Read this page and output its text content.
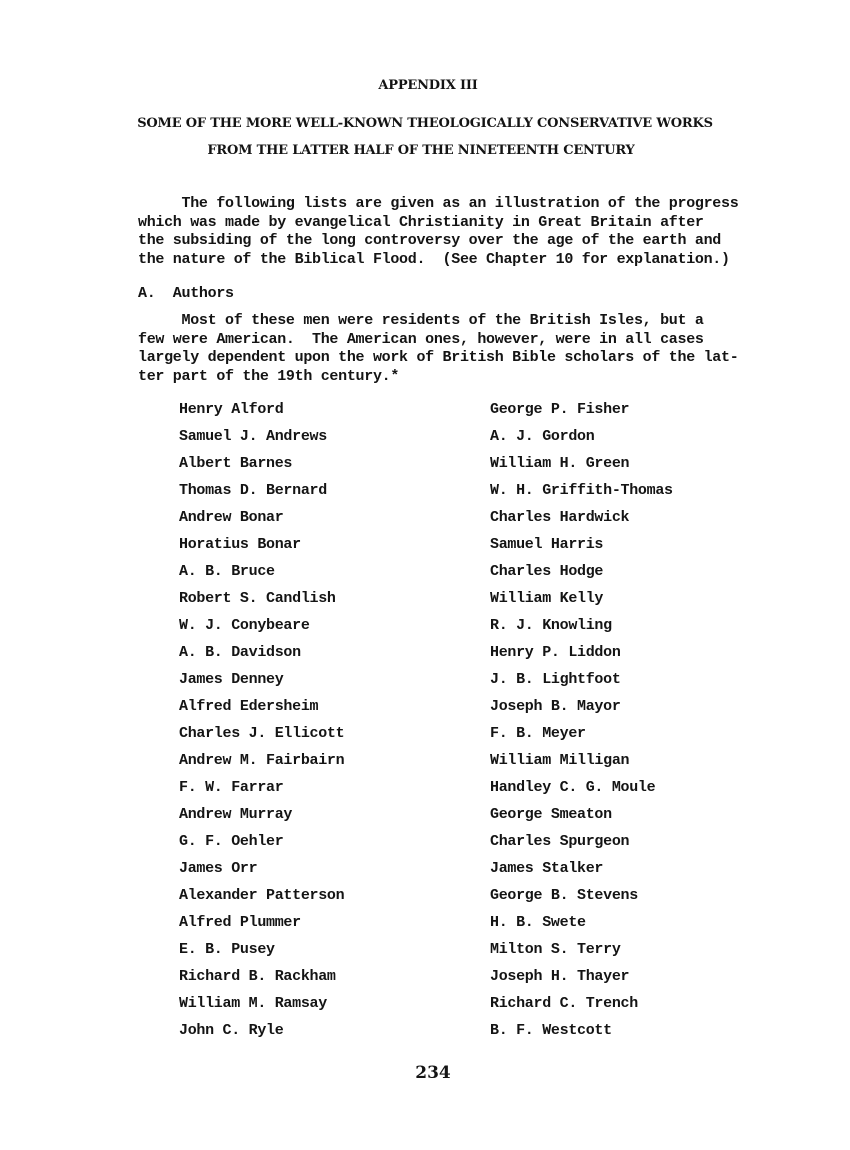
APPENDIX III
SOME OF THE MORE WELL-KNOWN THEOLOGICALLY CONSERVATIVE WORKS
FROM THE LATTER HALF OF THE NINETEENTH CENTURY
The following lists are given as an illustration of the progress
which was made by evangelical Christianity in Great Britain after
the subsiding of the long controversy over the age of the earth and
the nature of the Biblical Flood.  (See Chapter 10 for explanation.)
A.  Authors
Most of these men were residents of the British Isles, but a
few were American.  The American ones, however, were in all cases
largely dependent upon the work of British Bible scholars of the lat-
ter part of the 19th century.*
Henry Alford
Samuel J. Andrews
Albert Barnes
Thomas D. Bernard
Andrew Bonar
Horatius Bonar
A. B. Bruce
Robert S. Candlish
W. J. Conybeare
A. B. Davidson
James Denney
Alfred Edersheim
Charles J. Ellicott
Andrew M. Fairbairn
F. W. Farrar
Andrew Murray
G. F. Oehler
James Orr
Alexander Patterson
Alfred Plummer
E. B. Pusey
Richard B. Rackham
William M. Ramsay
John C. Ryle
George P. Fisher
A. J. Gordon
William H. Green
W. H. Griffith-Thomas
Charles Hardwick
Samuel Harris
Charles Hodge
William Kelly
R. J. Knowling
Henry P. Liddon
J. B. Lightfoot
Joseph B. Mayor
F. B. Meyer
William Milligan
Handley C. G. Moule
George Smeaton
Charles Spurgeon
James Stalker
George B. Stevens
H. B. Swete
Milton S. Terry
Joseph H. Thayer
Richard C. Trench
B. F. Westcott
234
